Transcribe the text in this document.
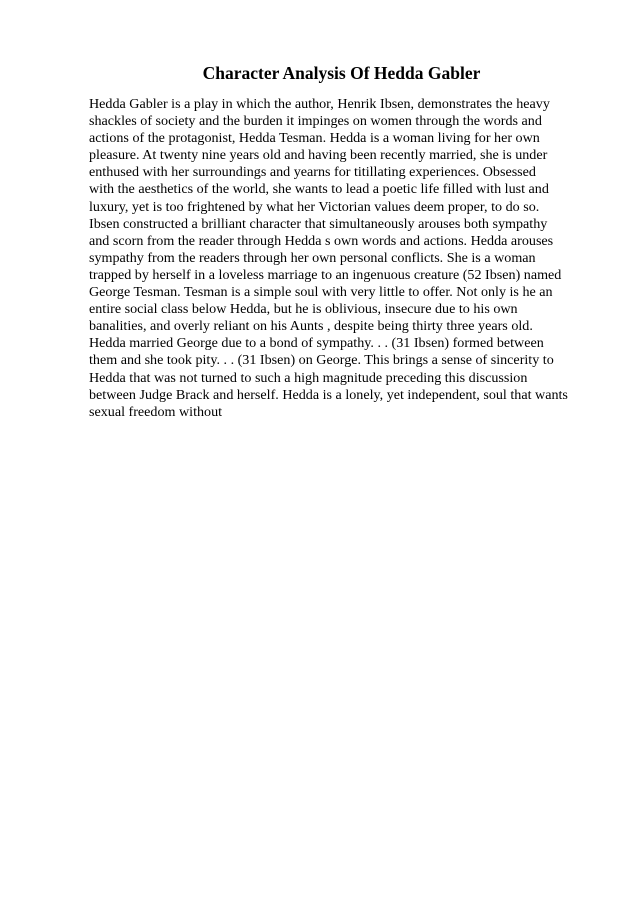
Character Analysis Of Hedda Gabler
Hedda Gabler is a play in which the author, Henrik Ibsen, demonstrates the heavy
shackles of society and the burden it impinges on women through the words and
actions of the protagonist, Hedda Tesman. Hedda is a woman living for her own
pleasure. At twenty nine years old and having been recently married, she is under
enthused with her surroundings and yearns for titillating experiences. Obsessed
with the aesthetics of the world, she wants to lead a poetic life filled with lust and
luxury, yet is too frightened by what her Victorian values deem proper, to do so.
Ibsen constructed a brilliant character that simultaneously arouses both sympathy
and scorn from the reader through Hedda s own words and actions. Hedda arouses
sympathy from the readers through her own personal conflicts. She is a woman
trapped by herself in a loveless marriage to an ingenuous creature (52 Ibsen) named
George Tesman. Tesman is a simple soul with very little to offer. Not only is he an
entire social class below Hedda, but he is oblivious, insecure due to his own
banalities, and overly reliant on his Aunts , despite being thirty three years old.
Hedda married George due to a bond of sympathy. . . (31 Ibsen) formed between
them and she took pity. . . (31 Ibsen) on George. This brings a sense of sincerity to
Hedda that was not turned to such a high magnitude preceding this discussion
between Judge Brack and herself. Hedda is a lonely, yet independent, soul that wants
sexual freedom without
